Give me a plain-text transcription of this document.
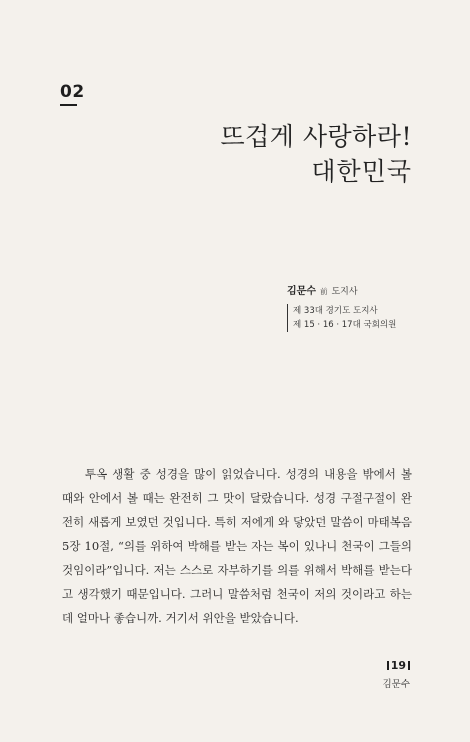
02
뜨겁게 사랑하라!
대한민국
김문수 前 도지사
제 33대 경기도 도지사
제 15 · 16 · 17대 국회의원

투옥 생활 중 성경을 많이 읽었습니다. 성경의 내용을 밖에서 볼 때와 안에서 볼 때는 완전히 그 맛이 달랐습니다. 성경 구절구절이 완전히 새롭게 보였던 것입니다. 특히 저에게 와 닿았던 말씀이 마태복음 5장 10절, “의를 위하여 박해를 받는 자는 복이 있나니 천국이 그들의 것임이라”입니다. 저는 스스로 자부하기를 의를 위해서 박해를 받는다고 생각했기 때문입니다. 그러니 말씀처럼 천국이 저의 것이라고 하는데 얼마나 좋습니까. 거기서 위안을 받았습니다.

19
김문수
